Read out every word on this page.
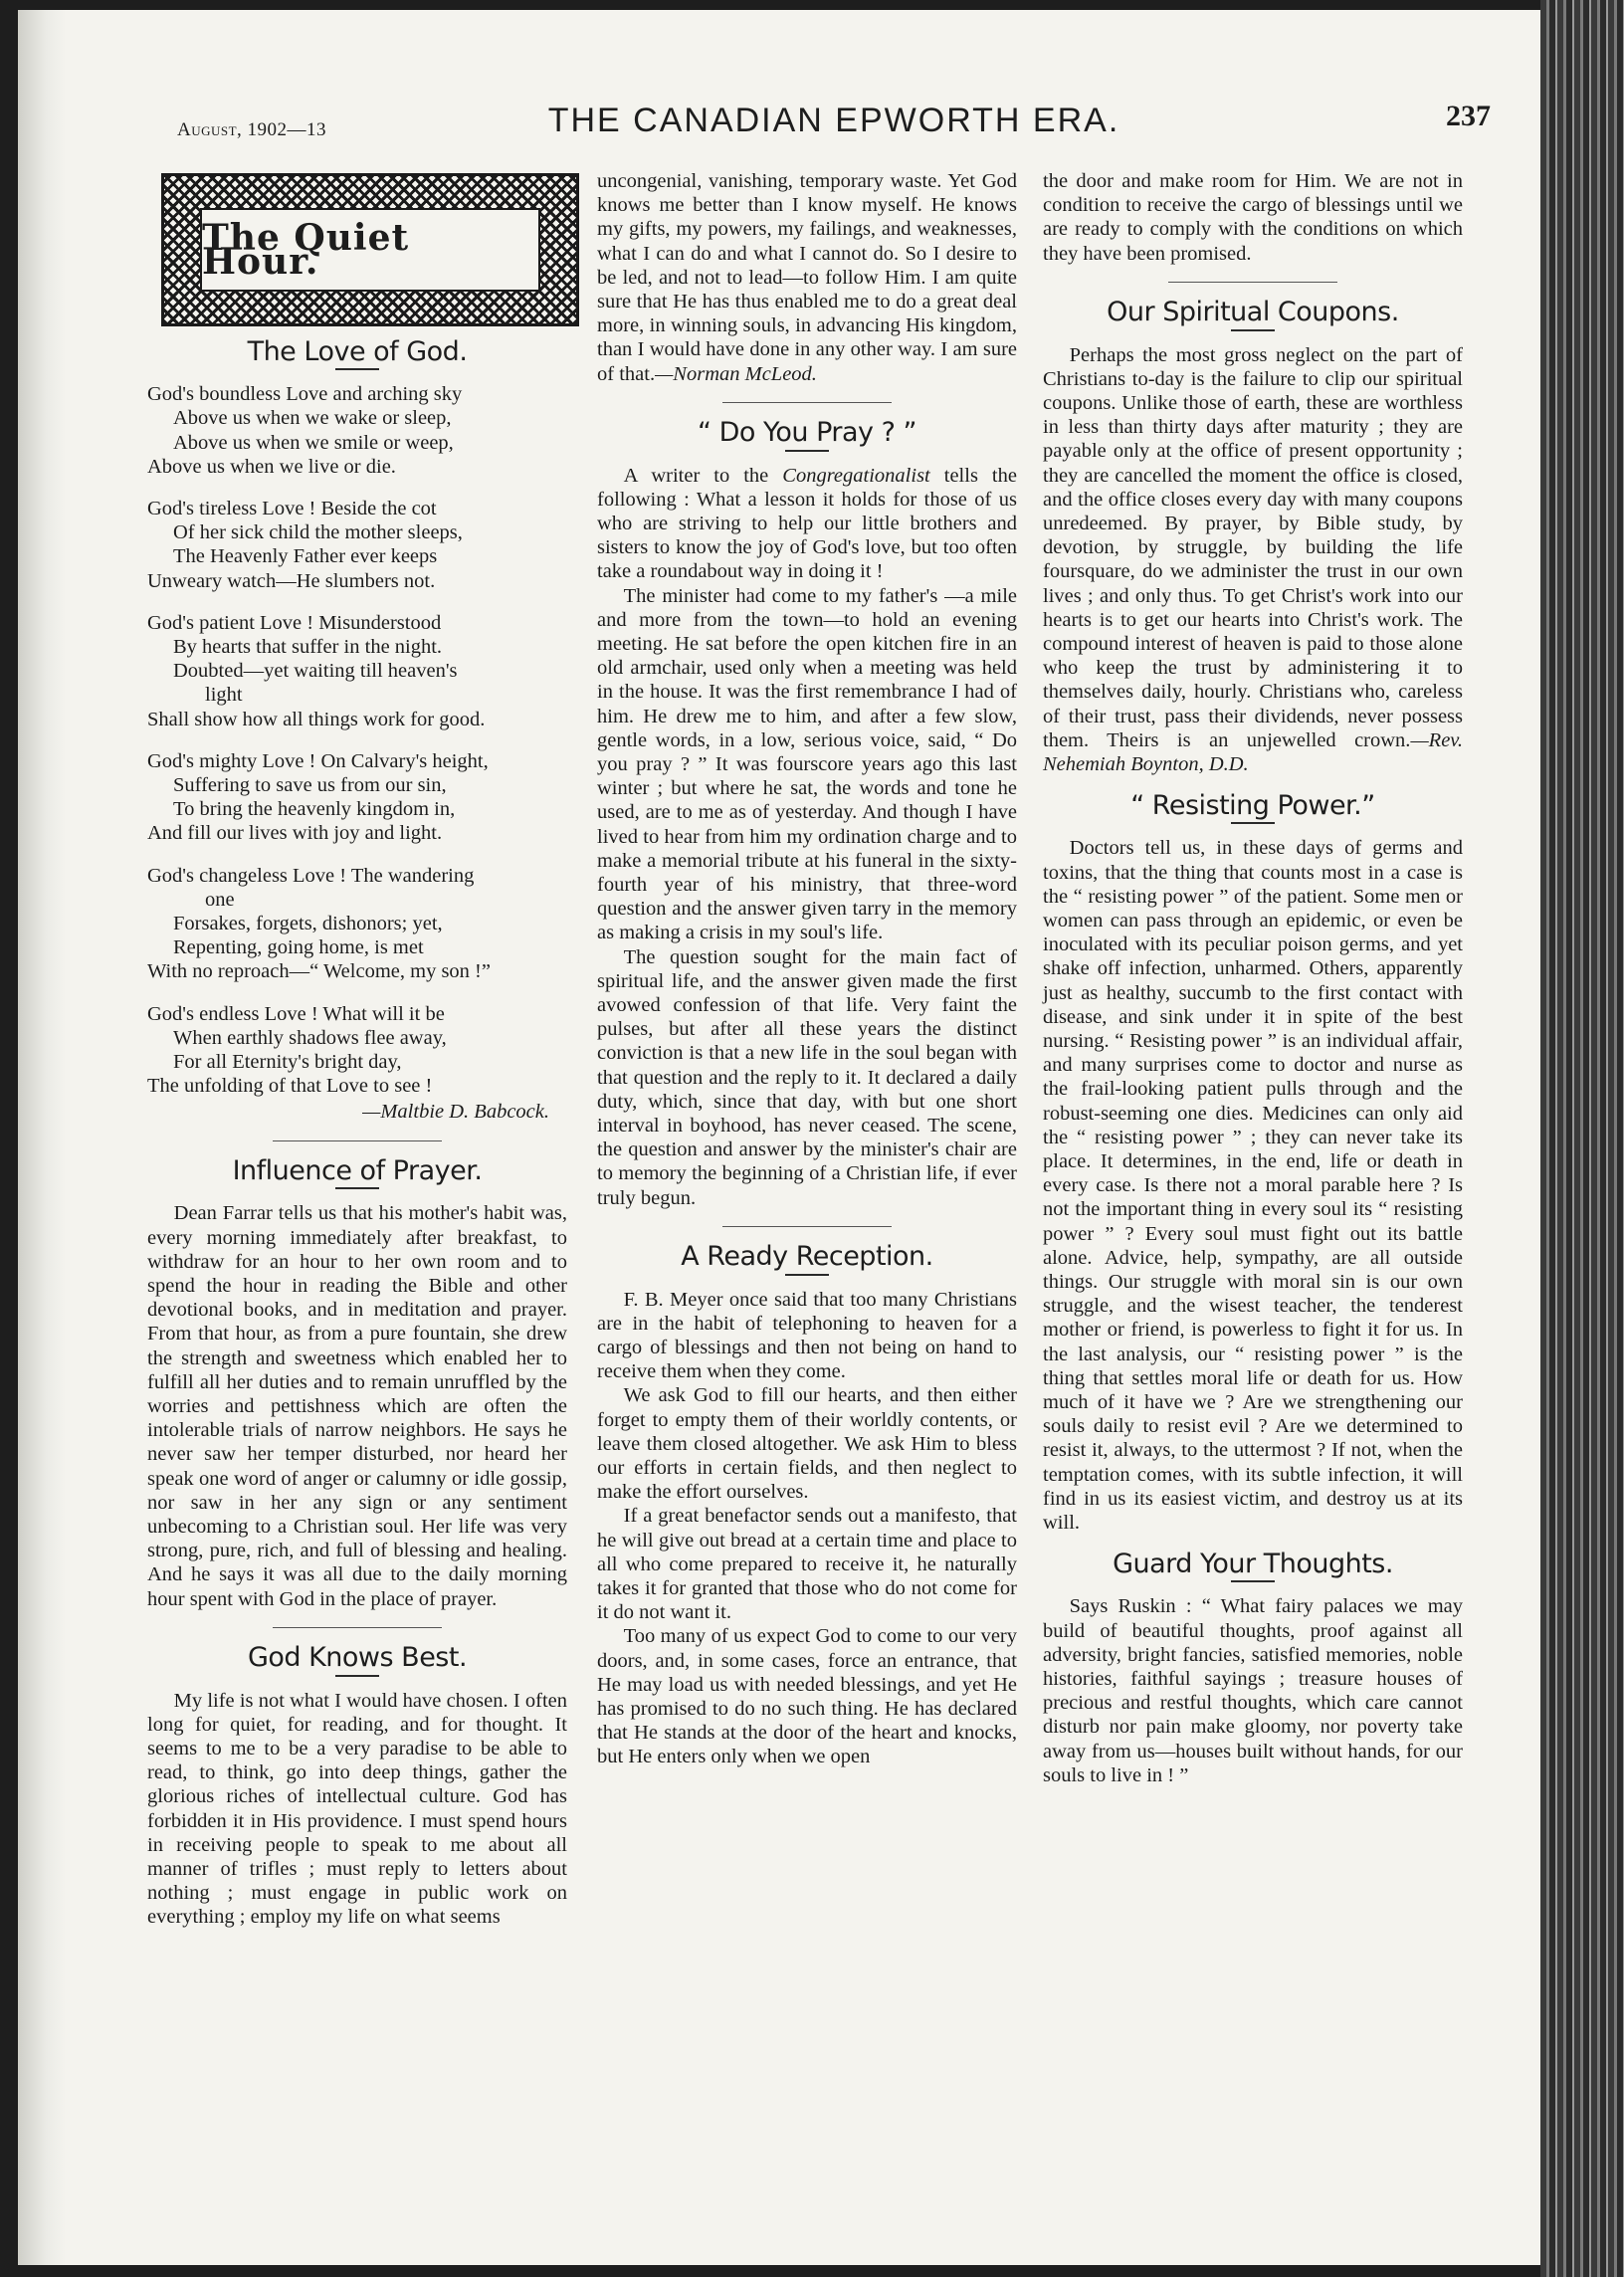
August, 1902—13	THE CANADIAN EPWORTH ERA.	237
The Quiet Hour.
The Love of God.
God's boundless Love and arching sky
Above us when we wake or sleep,
Above us when we smile or weep,
Above us when we live or die.
God's tireless Love ! Beside the cot
Of her sick child the mother sleeps,
The Heavenly Father ever keeps
Unweary watch—He slumbers not.
God's patient Love ! Misunderstood
By hearts that suffer in the night.
Doubted—yet waiting till heaven's
light
Shall show how all things work for good.
God's mighty Love ! On Calvary's height,
Suffering to save us from our sin,
To bring the heavenly kingdom in,
And fill our lives with joy and light.
God's changeless Love ! The wandering
one
Forsakes, forgets, dishonors; yet,
Repenting, going home, is met
With no reproach—“ Welcome, my son !”
God's endless Love ! What will it be
When earthly shadows flee away,
For all Eternity's bright day,
The unfolding of that Love to see !
—Maltbie D. Babcock.
Influence of Prayer.

Dean Farrar tells us that his mother's habit was, every morning immediately after breakfast, to withdraw for an hour to her own room and to spend the hour in reading the Bible and other devotional books, and in meditation and prayer. From that hour, as from a pure fountain, she drew the strength and sweetness which enabled her to fulfill all her duties and to remain unruffled by the worries and pettishness which are often the intolerable trials of narrow neighbors. He says he never saw her temper disturbed, nor heard her speak one word of anger or calumny or idle gossip, nor saw in her any sign or any sentiment unbecoming to a Christian soul. Her life was very strong, pure, rich, and full of blessing and healing. And he says it was all due to the daily morning hour spent with God in the place of prayer.

God Knows Best.

My life is not what I would have chosen. I often long for quiet, for reading, and for thought. It seems to me to be a very paradise to be able to read, to think, go into deep things, gather the glorious riches of intellectual culture. God has forbidden it in His providence. I must spend hours in receiving people to speak to me about all manner of trifles ; must reply to letters about nothing ; must engage in public work on everything ; employ my life on what seems

uncongenial, vanishing, temporary waste. Yet God knows me better than I know myself. He knows my gifts, my powers, my failings, and weaknesses, what I can do and what I cannot do. So I desire to be led, and not to lead—to follow Him. I am quite sure that He has thus enabled me to do a great deal more, in winning souls, in advancing His kingdom, than I would have done in any other way. I am sure of that.—Norman McLeod.

“ Do You Pray ? ”

A writer to the Congregationalist tells the following : What a lesson it holds for those of us who are striving to help our little brothers and sisters to know the joy of God's love, but too often take a roundabout way in doing it !

The minister had come to my father's —a mile and more from the town—to hold an evening meeting. He sat before the open kitchen fire in an old armchair, used only when a meeting was held in the house. It was the first remembrance I had of him. He drew me to him, and after a few slow, gentle words, in a low, serious voice, said, “ Do you pray ? ” It was fourscore years ago this last winter ; but where he sat, the words and tone he used, are to me as of yesterday. And though I have lived to hear from him my ordination charge and to make a memorial tribute at his funeral in the sixty-fourth year of his ministry, that three-word question and the answer given tarry in the memory as making a crisis in my soul's life.

The question sought for the main fact of spiritual life, and the answer given made the first avowed confession of that life. Very faint the pulses, but after all these years the distinct conviction is that a new life in the soul began with that question and the reply to it. It declared a daily duty, which, since that day, with but one short interval in boyhood, has never ceased. The scene, the question and answer by the minister's chair are to memory the beginning of a Christian life, if ever truly begun.

A Ready Reception.

F. B. Meyer once said that too many Christians are in the habit of telephoning to heaven for a cargo of blessings and then not being on hand to receive them when they come.

We ask God to fill our hearts, and then either forget to empty them of their worldly contents, or leave them closed altogether. We ask Him to bless our efforts in certain fields, and then neglect to make the effort ourselves.

If a great benefactor sends out a manifesto, that he will give out bread at a certain time and place to all who come prepared to receive it, he naturally takes it for granted that those who do not come for it do not want it.

Too many of us expect God to come to our very doors, and, in some cases, force an entrance, that He may load us with needed blessings, and yet He has promised to do no such thing. He has declared that He stands at the door of the heart and knocks, but He enters only when we open

the door and make room for Him. We are not in condition to receive the cargo of blessings until we are ready to comply with the conditions on which they have been promised.

Our Spiritual Coupons.

Perhaps the most gross neglect on the part of Christians to-day is the failure to clip our spiritual coupons. Unlike those of earth, these are worthless in less than thirty days after maturity ; they are payable only at the office of present opportunity ; they are cancelled the moment the office is closed, and the office closes every day with many coupons unredeemed. By prayer, by Bible study, by devotion, by struggle, by building the life foursquare, do we administer the trust in our own lives ; and only thus. To get Christ's work into our hearts is to get our hearts into Christ's work. The compound interest of heaven is paid to those alone who keep the trust by administering it to themselves daily, hourly. Christians who, careless of their trust, pass their dividends, never possess them. Theirs is an unjewelled crown.—Rev. Nehemiah Boynton, D.D.

“ Resisting Power.”

Doctors tell us, in these days of germs and toxins, that the thing that counts most in a case is the “ resisting power ” of the patient. Some men or women can pass through an epidemic, or even be inoculated with its peculiar poison germs, and yet shake off infection, unharmed. Others, apparently just as healthy, succumb to the first contact with disease, and sink under it in spite of the best nursing. “ Resisting power ” is an individual affair, and many surprises come to doctor and nurse as the frail-looking patient pulls through and the robust-seeming one dies. Medicines can only aid the “ resisting power ” ; they can never take its place. It determines, in the end, life or death in every case. Is there not a moral parable here ? Is not the important thing in every soul its “ resisting power ” ? Every soul must fight out its battle alone. Advice, help, sympathy, are all outside things. Our struggle with moral sin is our own struggle, and the wisest teacher, the tenderest mother or friend, is powerless to fight it for us. In the last analysis, our “ resisting power ” is the thing that settles moral life or death for us. How much of it have we ? Are we strengthening our souls daily to resist evil ? Are we determined to resist it, always, to the uttermost ? If not, when the temptation comes, with its subtle infection, it will find in us its easiest victim, and destroy us at its will.

Guard Your Thoughts.

Says Ruskin : “ What fairy palaces we may build of beautiful thoughts, proof against all adversity, bright fancies, satisfied memories, noble histories, faithful sayings ; treasure houses of precious and restful thoughts, which care cannot disturb nor pain make gloomy, nor poverty take away from us—houses built without hands, for our souls to live in ! ”
